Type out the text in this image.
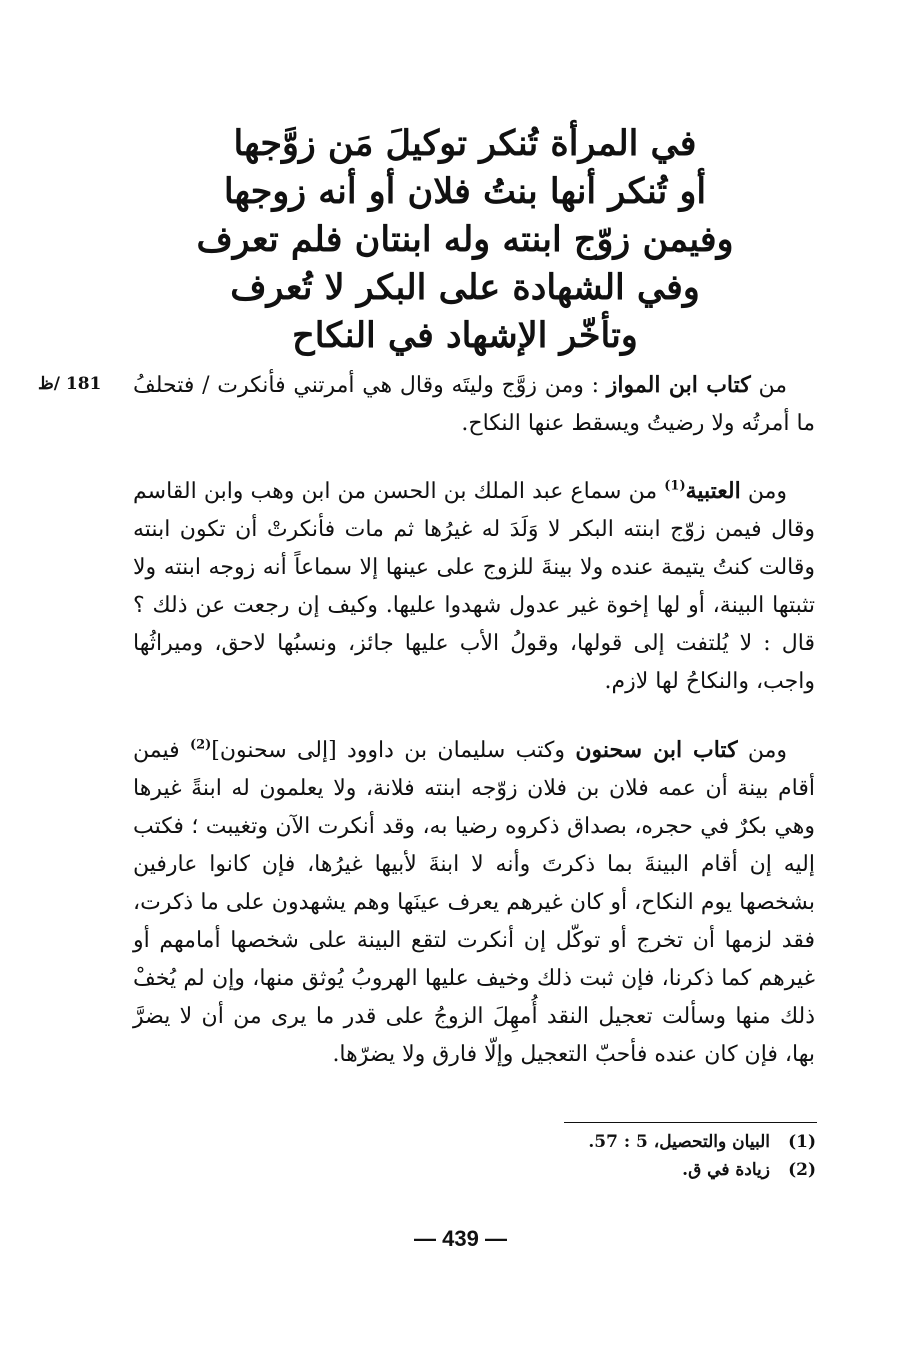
في المرأة تُنكر توكيلَ مَن زوَّجها
أو تُنكر أنها بنتُ فلان أو أنه زوجها
وفيمن زوّج ابنته وله ابنتان فلم تعرف
وفي الشهادة على البكر لا تُعرف
وتأخّر الإشهاد في النكاح
181 /ظ	من كتاب ابن المواز : ومن زوَّج وليتَه وقال هي أمرتني فأنكرت / فتحلفُ ما أمرتُه ولا رضيتُ ويسقط عنها النكاح.

ومن العتبية$^{(1)}$ من سماع عبد الملك بن الحسن من ابن وهب وابن القاسم وقال فيمن زوّج ابنته البكر لا وَلَدَ له غيرُها ثم مات فأنكرتْ أن تكون ابنته وقالت كنتُ يتيمة عنده ولا بينةَ للزوج على عينها إلا سماعاً أنه زوجه ابنته ولا تثبتها البينة، أو لها إخوة غير عدول شهدوا عليها. وكيف إن رجعت عن ذلك ؟ قال : لا يُلتفت إلى قولها، وقولُ الأب عليها جائز، ونسبُها لاحق، وميراثُها واجب، والنكاحُ لها لازم.

ومن كتاب ابن سحنون وكتب سليمان بن داوود [إلى سحنون]$^{(2)}$ فيمن أقام بينة أن عمه فلان بن فلان زوّجه ابنته فلانة، ولا يعلمون له ابنةً غيرها وهي بكرٌ في حجره، بصداق ذكروه رضيا به، وقد أنكرت الآن وتغيبت ؛ فكتب إليه إن أقام البينةَ بما ذكرتَ وأنه لا ابنةَ لأبيها غيرُها، فإن كانوا عارفين بشخصها يوم النكاح، أو كان غيرهم يعرف عينَها وهم يشهدون على ما ذكرت، فقد لزمها أن تخرج أو توكّل إن أنكرت لتقع البينة على شخصها أمامهم أو غيرهم كما ذكرنا، فإن ثبت ذلك وخيف عليها الهروبُ يُوثق منها، وإن لم يُخفْ ذلك منها وسألت تعجيل النقد أُمهِلَ الزوجُ على قدر ما يرى من أن لا يضرَّ بها، فإن كان عنده فأحبّ التعجيل وإلّا فارق ولا يضرّها.

(1)
البيان والتحصيل، 5 : 57.
(2)
زيادة في ق.
— 439 —
